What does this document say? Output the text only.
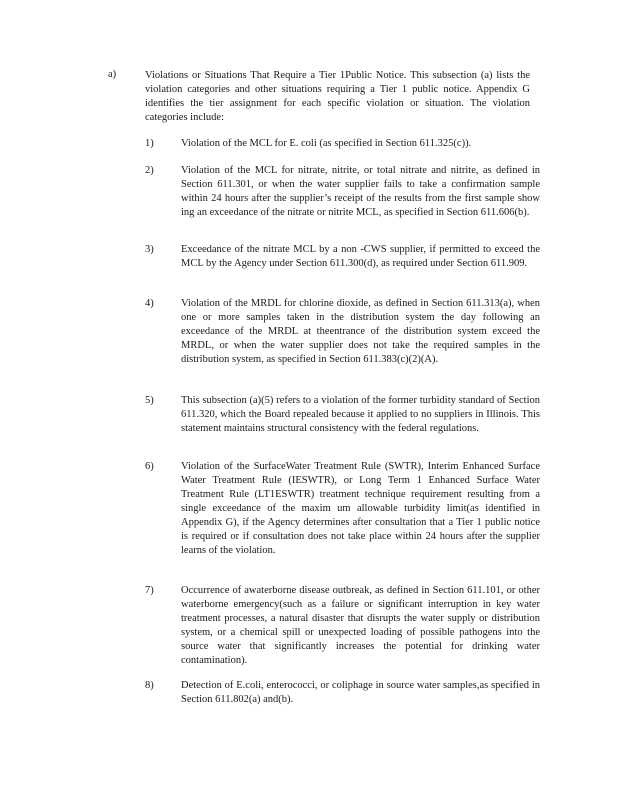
a)	Violations or Situations That Require a Tier 1Public Notice. This subsection (a) lists the violation categories and other situations requiring a Tier 1 public notice. Appendix G identifies the tier assignment for each specific violation or situation. The violation categories include:
1)	Violation of the MCL for E. coli (as specified in Section 611.325(c)).
2)	Violation of the MCL for nitrate, nitrite, or total nitrate and nitrite, as defined in Section 611.301, or when the water supplier fails to take a confirmation sample within 24 hours after the supplier’s receipt of the results from the first sample show ing an exceedance of the nitrate or nitrite MCL, as specified in Section 611.606(b).
3)	Exceedance of the nitrate MCL by a non -CWS supplier, if permitted to exceed the MCL by the Agency under Section 611.300(d), as required under Section 611.909.
4)	Violation of the MRDL for chlorine dioxide, as defined in Section 611.313(a), when one or more samples taken in the distribution system the day following an exceedance of the MRDL at theentrance of the distribution system exceed the MRDL, or when the water supplier does not take the required samples in the distribution system, as specified in Section 611.383(c)(2)(A).
5)	This subsection (a)(5) refers to a violation of the former turbidity standard of Section 611.320, which the Board repealed because it applied to no suppliers in Illinois. This statement maintains structural consistency with the federal regulations.
6)	Violation of the SurfaceWater Treatment Rule (SWTR), Interim Enhanced Surface Water Treatment Rule (IESWTR), or Long Term 1 Enhanced Surface Water Treatment Rule (LT1ESWTR) treatment technique requirement resulting from a single exceedance of the maxim um allowable turbidity limit(as identified in Appendix G), if the Agency determines after consultation that a Tier 1 public notice is required or if consultation does not take place within 24 hours after the supplier learns of the violation.
7)	Occurrence of awaterborne disease outbreak, as defined in Section 611.101, or other waterborne emergency(such as a failure or significant interruption in key water treatment processes, a natural disaster that disrupts the water supply or distribution system, or a chemical spill or unexpected loading of possible pathogens into the source water that significantly increases the potential for drinking water contamination).
8)	Detection of E.coli, enterococci, or coliphage in source water samples,as specified in Section 611.802(a) and(b).
